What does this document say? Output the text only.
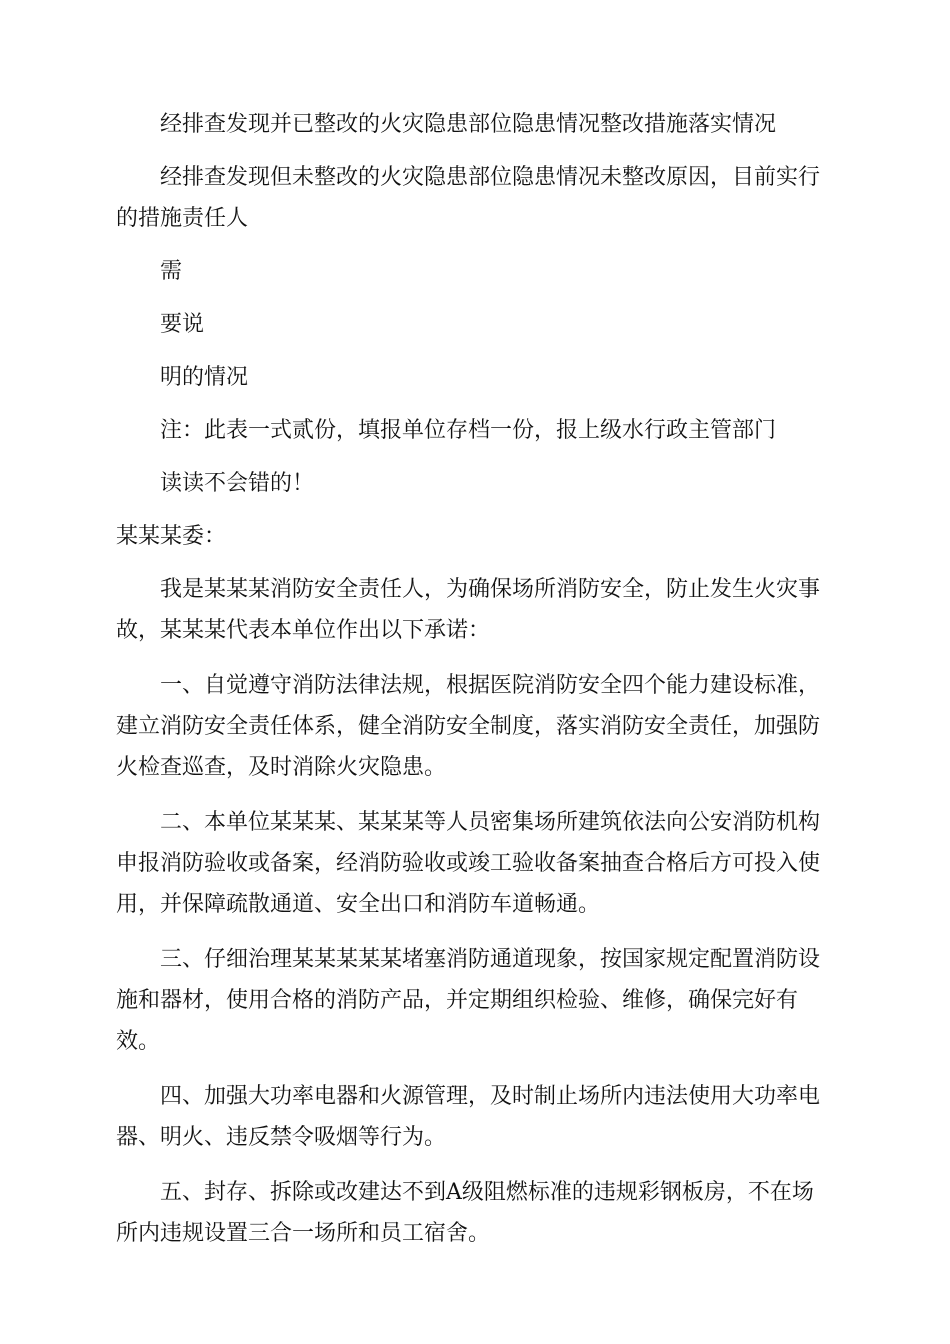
经排查发现并已整改的火灾隐患部位隐患情况整改措施落实情况

经排查发现但未整改的火灾隐患部位隐患情况未整改原因，目前实行的措施责任人

需

要说

明的情况

注：此表一式贰份，填报单位存档一份，报上级水行政主管部门

读读不会错的！

某某某委：

我是某某某消防安全责任人，为确保场所消防安全，防止发生火灾事故，某某某代表本单位作出以下承诺：

一、自觉遵守消防法律法规，根据医院消防安全四个能力建设标准，建立消防安全责任体系，健全消防安全制度，落实消防安全责任，加强防火检查巡查，及时消除火灾隐患。

二、本单位某某某、某某某等人员密集场所建筑依法向公安消防机构申报消防验收或备案，经消防验收或竣工验收备案抽查合格后方可投入使用，并保障疏散通道、安全出口和消防车道畅通。

三、仔细治理某某某某某堵塞消防通道现象，按国家规定配置消防设施和器材，使用合格的消防产品，并定期组织检验、维修，确保完好有效。

四、加强大功率电器和火源管理，及时制止场所内违法使用大功率电器、明火、违反禁令吸烟等行为。

五、封存、拆除或改建达不到A级阻燃标准的违规彩钢板房，不在场所内违规设置三合一场所和员工宿舍。
